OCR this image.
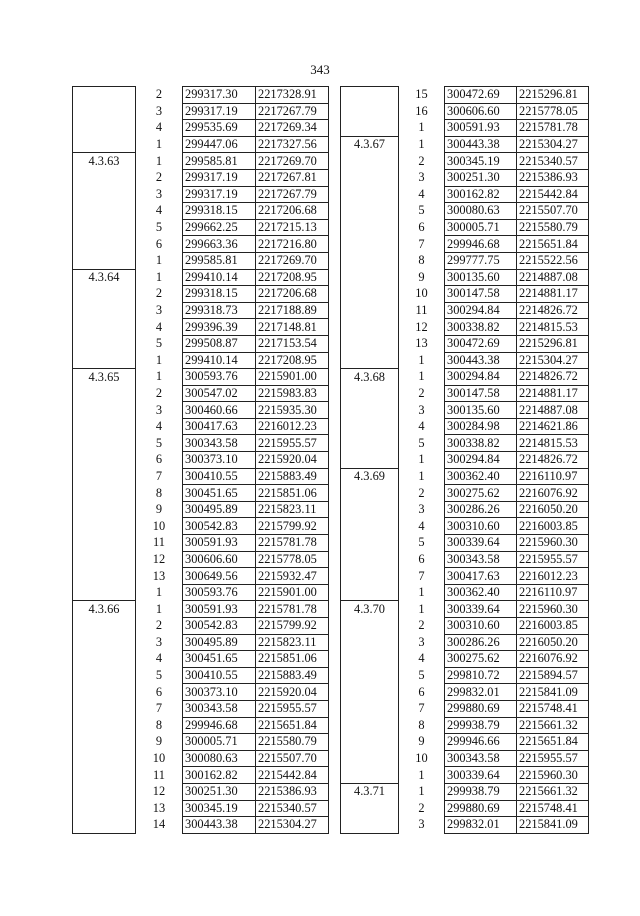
343
	2	299317.30	2217328.91
	3	299317.19	2217267.79
	4	299535.69	2217269.34
	1	299447.06	2217327.56
4.3.63	1	299585.81	2217269.70
	2	299317.19	2217267.81
	3	299317.19	2217267.79
	4	299318.15	2217206.68
	5	299662.25	2217215.13
	6	299663.36	2217216.80
	1	299585.81	2217269.70
4.3.64	1	299410.14	2217208.95
	2	299318.15	2217206.68
	3	299318.73	2217188.89
	4	299396.39	2217148.81
	5	299508.87	2217153.54
	1	299410.14	2217208.95
4.3.65	1	300593.76	2215901.00
	2	300547.02	2215983.83
	3	300460.66	2215935.30
	4	300417.63	2216012.23
	5	300343.58	2215955.57
	6	300373.10	2215920.04
	7	300410.55	2215883.49
	8	300451.65	2215851.06
	9	300495.89	2215823.11
	10	300542.83	2215799.92
	11	300591.93	2215781.78
	12	300606.60	2215778.05
	13	300649.56	2215932.47
	1	300593.76	2215901.00
4.3.66	1	300591.93	2215781.78
	2	300542.83	2215799.92
	3	300495.89	2215823.11
	4	300451.65	2215851.06
	5	300410.55	2215883.49
	6	300373.10	2215920.04
	7	300343.58	2215955.57
	8	299946.68	2215651.84
	9	300005.71	2215580.79
	10	300080.63	2215507.70
	11	300162.82	2215442.84
	12	300251.30	2215386.93
	13	300345.19	2215340.57
	14	300443.38	2215304.27
	15	300472.69	2215296.81
	16	300606.60	2215778.05
	1	300591.93	2215781.78
4.3.67	1	300443.38	2215304.27
	2	300345.19	2215340.57
	3	300251.30	2215386.93
	4	300162.82	2215442.84
	5	300080.63	2215507.70
	6	300005.71	2215580.79
	7	299946.68	2215651.84
	8	299777.75	2215522.56
	9	300135.60	2214887.08
	10	300147.58	2214881.17
	11	300294.84	2214826.72
	12	300338.82	2214815.53
	13	300472.69	2215296.81
	1	300443.38	2215304.27
4.3.68	1	300294.84	2214826.72
	2	300147.58	2214881.17
	3	300135.60	2214887.08
	4	300284.98	2214621.86
	5	300338.82	2214815.53
	1	300294.84	2214826.72
4.3.69	1	300362.40	2216110.97
	2	300275.62	2216076.92
	3	300286.26	2216050.20
	4	300310.60	2216003.85
	5	300339.64	2215960.30
	6	300343.58	2215955.57
	7	300417.63	2216012.23
	1	300362.40	2216110.97
4.3.70	1	300339.64	2215960.30
	2	300310.60	2216003.85
	3	300286.26	2216050.20
	4	300275.62	2216076.92
	5	299810.72	2215894.57
	6	299832.01	2215841.09
	7	299880.69	2215748.41
	8	299938.79	2215661.32
	9	299946.66	2215651.84
	10	300343.58	2215955.57
	1	300339.64	2215960.30
4.3.71	1	299938.79	2215661.32
	2	299880.69	2215748.41
	3	299832.01	2215841.09
